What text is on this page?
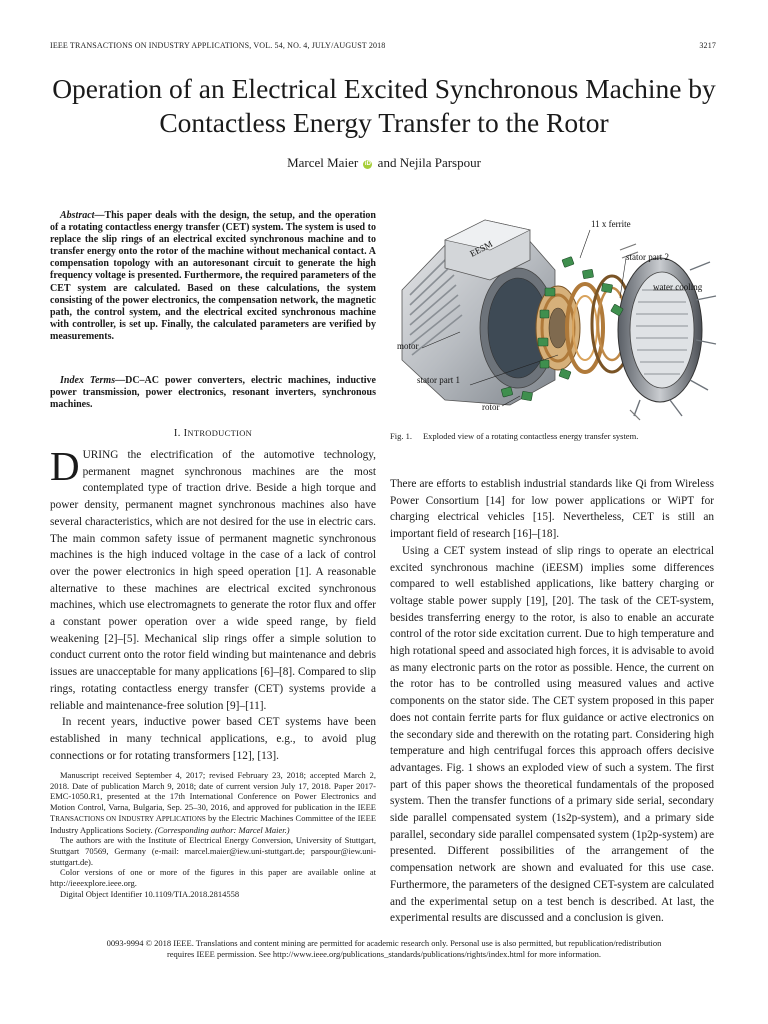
IEEE TRANSACTIONS ON INDUSTRY APPLICATIONS, VOL. 54, NO. 4, JULY/AUGUST 2018	3217
Operation of an Electrical Excited Synchronous Machine by Contactless Energy Transfer to the Rotor
Marcel Maier iD and Nejila Parspour

Abstract—This paper deals with the design, the setup, and the operation of a rotating contactless energy transfer (CET) system. The system is used to replace the slip rings of an electrical excited synchronous machine and to transfer energy onto the rotor of the machine without mechanical contact. A compensation topology with an autoresonant circuit to generate the high frequency voltage is presented. Furthermore, the required parameters of the CET system are calculated. Based on these calculations, the system consisting of the power electronics, the compensation network, the magnetic path, the control system, and the electrical excited synchronous machine with controller, is set up. Finally, the calculated parameters are verified by measurements.

Index Terms—DC–AC power converters, electric machines, inductive power transmission, power electronics, resonant inverters, synchronous machines.

I. INTRODUCTION

DURING the electrification of the automotive technology, permanent magnet synchronous machines are the most contemplated type of traction drive. Beside a high torque and power density, permanent magnet synchronous machines also have several characteristics, which are not desired for the use in electric cars. The main common safety issue of permanent magnetic synchronous machines is the high induced voltage in the case of a lack of control over the power electronics in high speed operation [1]. A reasonable alternative to these machines are electrical excited synchronous machines, which use electromagnets to generate the rotor flux and offer a constant power operation over a wide speed range, by field weakening [2]–[5]. Mechanical slip rings offer a simple solution to conduct current onto the rotor field winding but maintenance and debris issues are unacceptable for many applications [6]–[8]. Compared to slip rings, rotating contactless energy transfer (CET) systems provide a reliable and maintenance-free solution [9]–[11].

In recent years, inductive power based CET systems have been established in many technical applications, e.g., to avoid plug connections or for rotating transformers [12], [13].

Manuscript received September 4, 2017; revised February 23, 2018; accepted March 2, 2018. Date of publication March 9, 2018; date of current version July 17, 2018. Paper 2017-EMC-1050.R1, presented at the 17th International Conference on Power Electronics and Motion Control, Varna, Bulgaria, Sep. 25–30, 2016, and approved for publication in the IEEE TRANSACTIONS ON INDUSTRY APPLICATIONS by the Electric Machines Committee of the IEEE Industry Applications Society. (Corresponding author: Marcel Maier.)

The authors are with the Institute of Electrical Energy Conversion, University of Stuttgart, Stuttgart 70569, Germany (e-mail: marcel.maier@iew.uni-stuttgart.de; parspour@iew.uni-stuttgart.de).

Color versions of one or more of the figures in this paper are available online at http://ieeexplore.ieee.org.

Digital Object Identifier 10.1109/TIA.2018.2814558

EESM
11 x ferrite
stator part 2
water cooling
motor
stator part 1
rotor

Fig. 1. Exploded view of a rotating contactless energy transfer system.

There are efforts to establish industrial standards like Qi from Wireless Power Consortium [14] for low power applications or WiPT for charging electrical vehicles [15]. Nevertheless, CET is still an important field of research [16]–[18].

Using a CET system instead of slip rings to operate an electrical excited synchronous machine (iEESM) implies some differences compared to well established applications, like battery charging or voltage stable power supply [19], [20]. The task of the CET-system, besides transferring energy to the rotor, is also to enable an accurate control of the rotor side excitation current. Due to high temperature and high rotational speed and associated high forces, it is advisable to avoid as many electronic parts on the rotor as possible. Hence, the current on the rotor has to be controlled using measured values and active components on the stator side. The CET system proposed in this paper does not contain ferrite parts for flux guidance or active electronics on the secondary side and therewith on the rotating part. Considering high temperature and high centrifugal forces this approach offers decisive advantages. Fig. 1 shows an exploded view of such a system. The first part of this paper shows the theoretical fundamentals of the proposed system. Then the transfer functions of a primary side serial, secondary side parallel compensated system (1s2p-system), and a primary side parallel, secondary side parallel compensated system (1p2p-system) are presented. Different possibilities of the arrangement of the compensation network are shown and evaluated for this use case. Furthermore, the parameters of the designed CET-system are calculated and the experimental setup on a test bench is described. At last, the experimental results are discussed and a conclusion is given.

0093-9994 © 2018 IEEE. Translations and content mining are permitted for academic research only. Personal use is also permitted, but republication/redistribution
requires IEEE permission. See http://www.ieee.org/publications_standards/publications/rights/index.html for more information.
